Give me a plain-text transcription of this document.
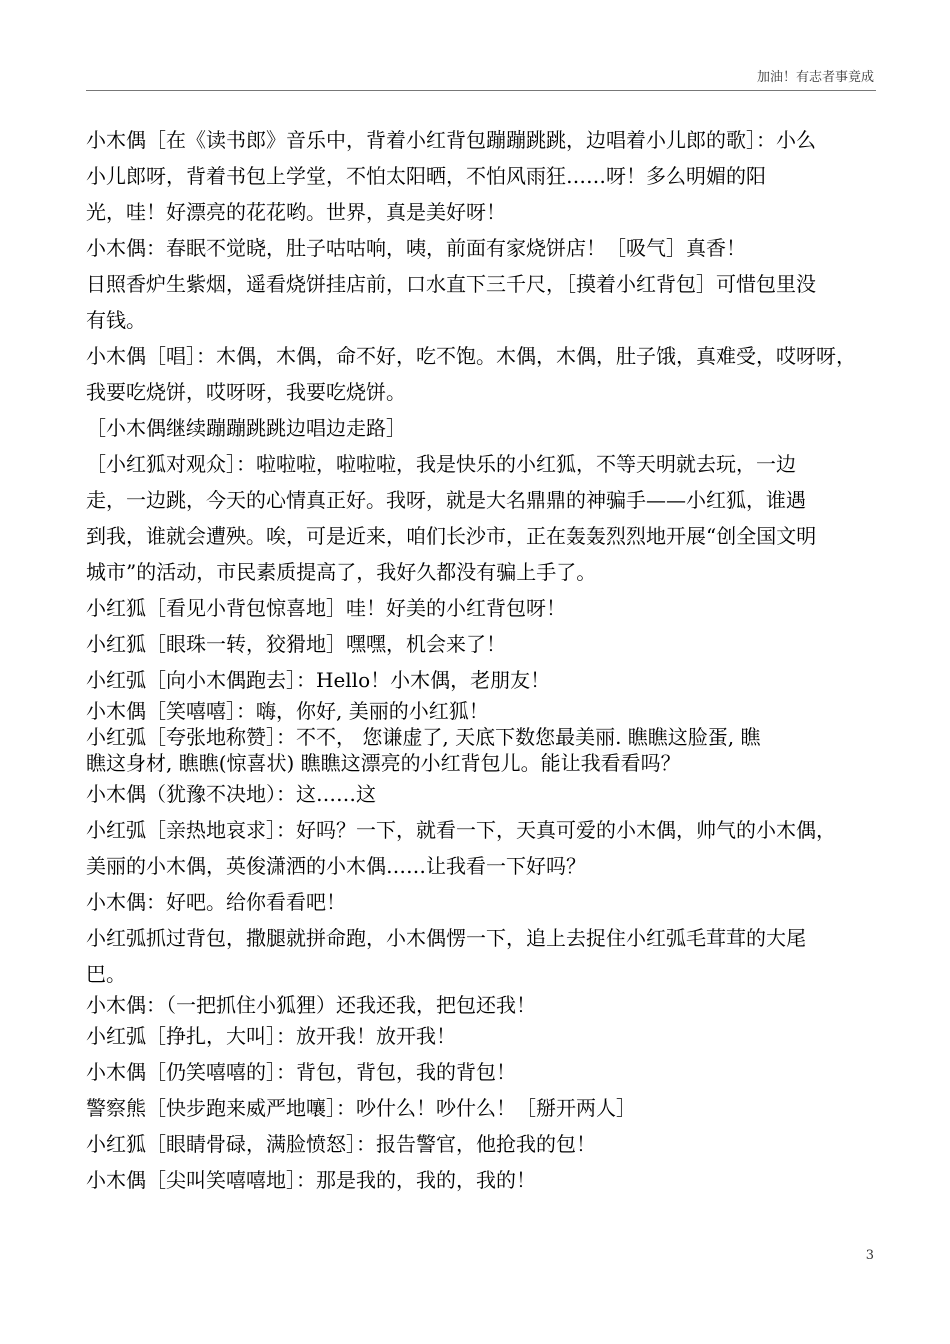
加油！有志者事竟成

小木偶［在《读书郎》音乐中，背着小红背包蹦蹦跳跳，边唱着小儿郎的歌］：小么

小儿郎呀，背着书包上学堂，不怕太阳晒，不怕风雨狂……呀！多么明媚的阳

光，哇！好漂亮的花花哟。世界，真是美好呀！

小木偶：春眠不觉晓，肚子咕咕响，咦，前面有家烧饼店！［吸气］真香！

日照香炉生紫烟，遥看烧饼挂店前，口水直下三千尺，［摸着小红背包］可惜包里没

有钱。

小木偶［唱］：木偶，木偶，命不好，吃不饱。木偶，木偶，肚子饿，真难受，哎呀呀，

我要吃烧饼，哎呀呀，我要吃烧饼。

［小木偶继续蹦蹦跳跳边唱边走路］

［小红狐对观众］：啦啦啦，啦啦啦，我是快乐的小红狐，不等天明就去玩，一边

走，一边跳，今天的心情真正好。我呀，就是大名鼎鼎的神骗手——小红狐，谁遇

到我，谁就会遭殃。唉，可是近来，咱们长沙市，正在轰轰烈烈地开展“创全国文明

城市”的活动，市民素质提高了，我好久都没有骗上手了。

小红狐［看见小背包惊喜地］哇！好美的小红背包呀！

小红狐［眼珠一转，狡猾地］嘿嘿，机会来了！

小红弧［向小木偶跑去］：Hello！小木偶，老朋友！

小木偶［笑嘻嘻］：嗨，你好, 美丽的小红狐！

小红弧［夸张地称赞］：不不， 您谦虚了, 天底下数您最美丽. 瞧瞧这脸蛋, 瞧

瞧这身材, 瞧瞧(惊喜状) 瞧瞧这漂亮的小红背包儿。能让我看看吗？

小木偶（犹豫不决地）：这……这

小红弧［亲热地哀求］：好吗？一下，就看一下，天真可爱的小木偶，帅气的小木偶，

美丽的小木偶，英俊潇洒的小木偶……让我看一下好吗？

小木偶：好吧。给你看看吧！

小红弧抓过背包，撒腿就拼命跑，小木偶愣一下，追上去捉住小红弧毛茸茸的大尾

巴。

小木偶：（一把抓住小狐狸）还我还我，把包还我！

小红弧［挣扎，大叫］：放开我！放开我！

小木偶［仍笑嘻嘻的］：背包，背包，我的背包！

警察熊［快步跑来威严地嚷］：吵什么！吵什么！［掰开两人］

小红狐［眼睛骨碌，满脸愤怒］：报告警官，他抢我的包！

小木偶［尖叫笑嘻嘻地］：那是我的，我的，我的！

3
